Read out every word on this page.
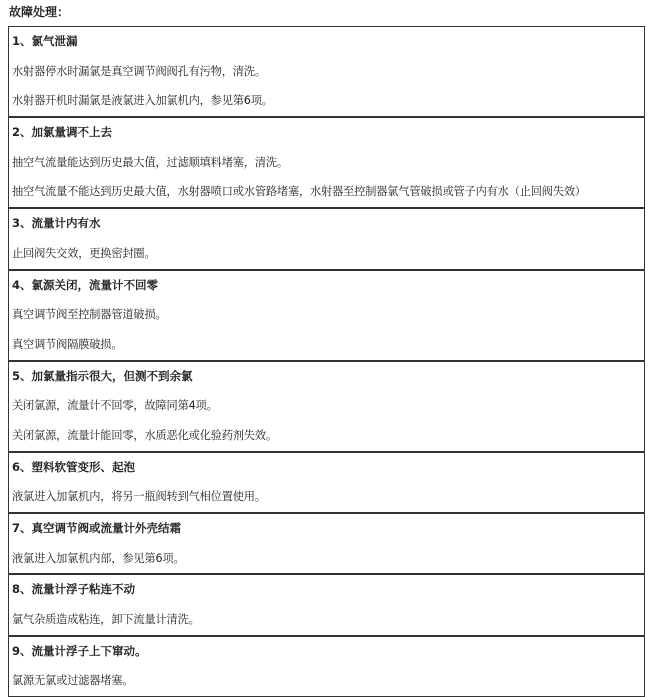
故障处理：
1、氯气泄漏
水射器停水时漏氯是真空调节阀阀孔有污物，清洗。
水射器开机时漏氯是液氯进入加氯机内，参见第6项。
2、加氯量调不上去
抽空气流量能达到历史最大值，过滤顺填料堵塞，清洗。
抽空气流量不能达到历史最大值，水射器喷口或水管路堵塞，水射器至控制器氯气管破损或管子内有水（止回阀失效）
3、流量计内有水
止回阀失交效，更换密封圈。
4、氯源关闭，流量计不回零
真空调节阀至控制器管道破损。
真空调节阀隔膜破损。
5、加氯量指示很大，但测不到余氯
关闭氯源，流量计不回零，故障同第4项。
关闭氯源，流量计能回零，水质恶化或化验药剂失效。
6、塑料软管变形、起泡
液氯进入加氯机内，将另一瓶阀转到气相位置使用。
7、真空调节阀或流量计外壳结霜
液氯进入加氯机内部，参见第6项。
8、流量计浮子粘连不动
氯气杂质造成粘连，卸下流量计清洗。
9、流量计浮子上下窜动。
氯源无氯或过滤器堵塞。
